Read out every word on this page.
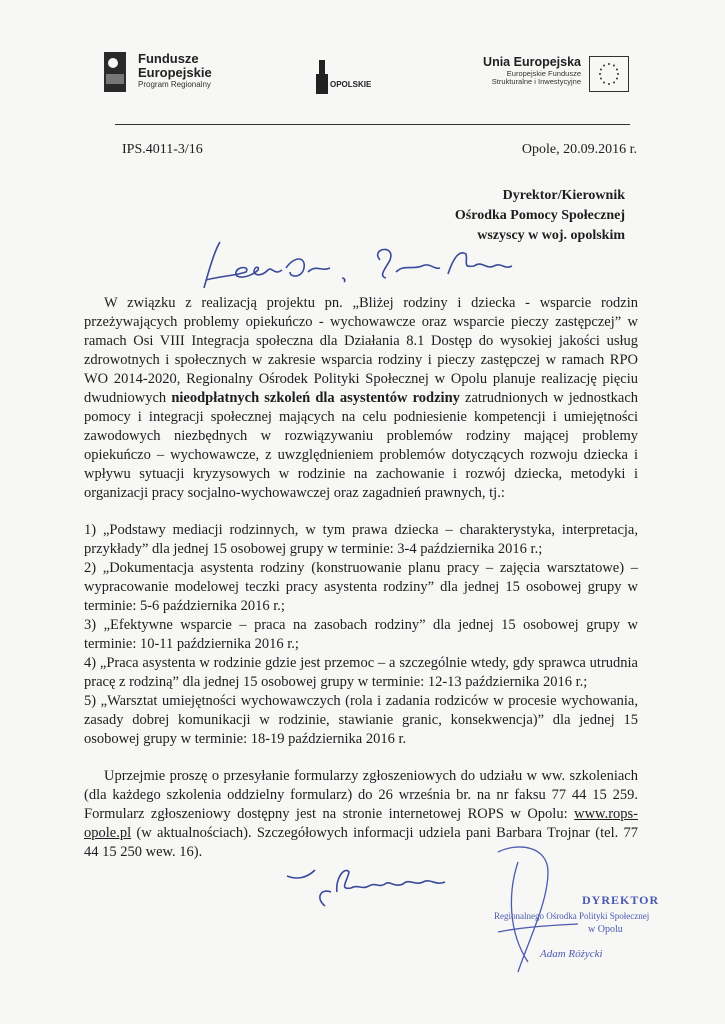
Fundusze
Europejskie
Program Regionalny	OPOLSKIE
Unia Europejska
Europejskie Fundusze
Strukturalne i Inwestycyjne
IPS.4011-3/16	Opole, 20.09.2016 r.
Dyrektor/Kierownik
Ośrodka Pomocy Społecznej
wszyscy w woj. opolskim

W związku z realizacją projektu pn. „Bliżej rodziny i dziecka - wsparcie rodzin przeżywających problemy opiekuńczo - wychowawcze oraz wsparcie pieczy zastępczej” w ramach Osi VIII Integracja społeczna dla Działania 8.1 Dostęp do wysokiej jakości usług zdrowotnych i społecznych w zakresie wsparcia rodziny i pieczy zastępczej w ramach RPO WO 2014-2020, Regionalny Ośrodek Polityki Społecznej w Opolu planuje realizację pięciu dwudniowych nieodpłatnych szkoleń dla asystentów rodziny zatrudnionych w jednostkach pomocy i integracji społecznej mających na celu podniesienie kompetencji i umiejętności zawodowych niezbędnych w rozwiązywaniu problemów rodziny mającej problemy opiekuńczo – wychowawcze, z uwzględnieniem problemów dotyczących rozwoju dziecka i wpływu sytuacji kryzysowych w rodzinie na zachowanie i rozwój dziecka, metodyki i organizacji pracy socjalno-wychowawczej oraz zagadnień prawnych, tj.:

1) „Podstawy mediacji rodzinnych, w tym prawa dziecka – charakterystyka, interpretacja, przykłady” dla jednej 15 osobowej grupy w terminie: 3-4 października 2016 r.;
2) „Dokumentacja asystenta rodziny (konstruowanie planu pracy – zajęcia warsztatowe) – wypracowanie modelowej teczki pracy asystenta rodziny” dla jednej 15 osobowej grupy w terminie: 5-6 października 2016 r.;
3) „Efektywne wsparcie – praca na zasobach rodziny” dla jednej 15 osobowej grupy w terminie: 10-11 października 2016 r.;
4) „Praca asystenta w rodzinie gdzie jest przemoc – a szczególnie wtedy, gdy sprawca utrudnia pracę z rodziną” dla jednej 15 osobowej grupy w terminie: 12-13 października 2016 r.;
5) „Warsztat umiejętności wychowawczych (rola i zadania rodziców w procesie wychowania, zasady dobrej komunikacji w rodzinie, stawianie granic, konsekwencja)” dla jednej 15 osobowej grupy w terminie: 18-19 października 2016 r.

Uprzejmie proszę o przesyłanie formularzy zgłoszeniowych do udziału w ww. szkoleniach (dla każdego szkolenia oddzielny formularz) do 26 września br. na nr faksu 77 44 15 259. Formularz zgłoszeniowy dostępny jest na stronie internetowej ROPS w Opolu: www.rops-opole.pl (w aktualnościach). Szczegółowych informacji udziela pani Barbara Trojnar (tel. 77 44 15 250 wew. 16).

DYREKTOR
Regionalnego Ośrodka Polityki Społecznej
w Opolu
Adam Różycki
